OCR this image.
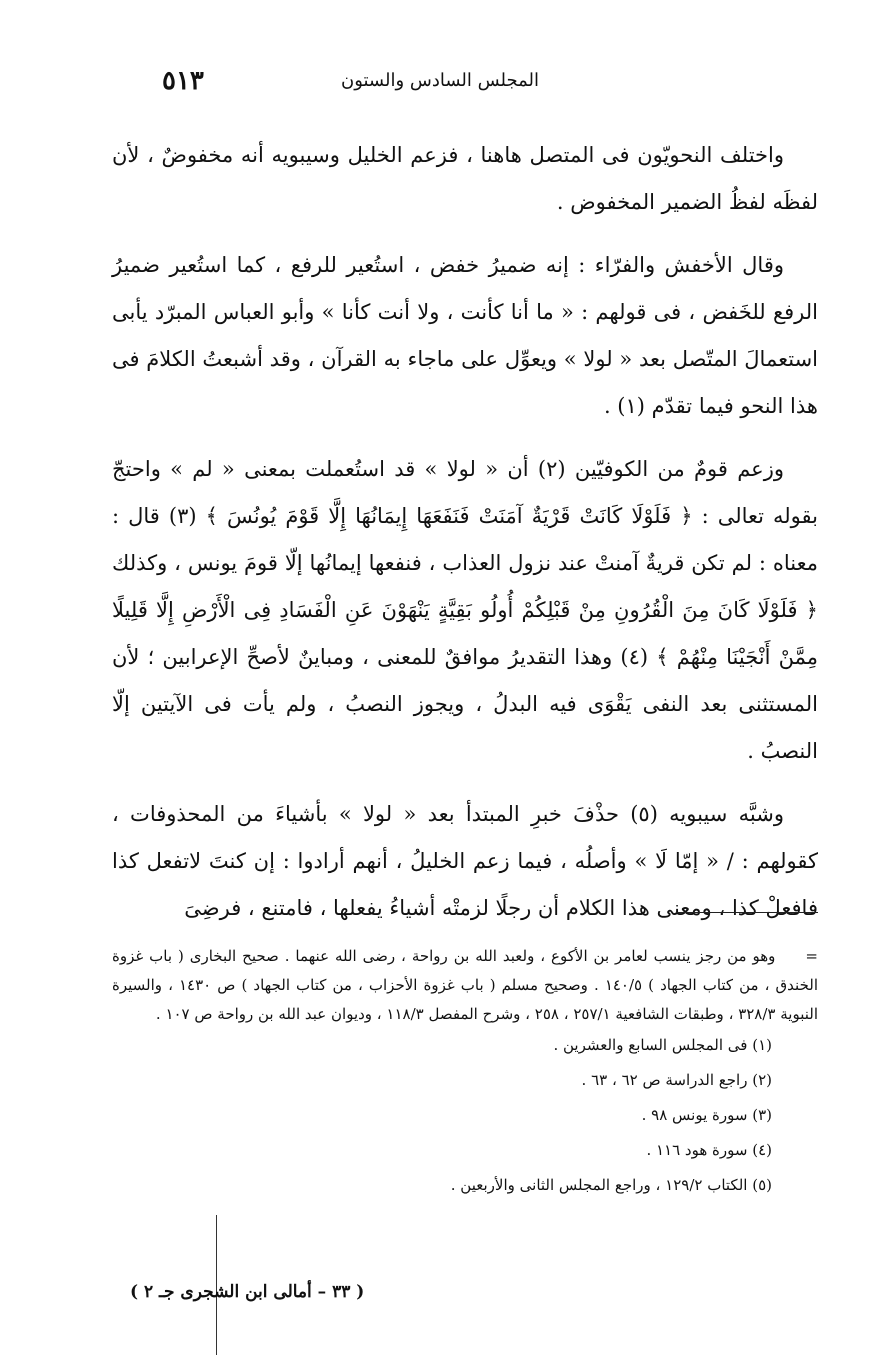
٥١٣	المجلس السادس والستون

واختلف النحويّون فى المتصل هاهنا ، فزعم الخليل وسيبويه أنه مخفوضٌ ، لأن لفظَه لفظُ الضمير المخفوض .

وقال الأخفش والفرّاء : إنه ضميرُ خفض ، استُعير للرفع ، كما استُعير ضميرُ الرفع للخَفض ، فى قولهم : « ما أنا كأنت ، ولا أنت كأنا » وأبو العباس المبرّد يأبى استعمالَ المتّصل بعد « لولا » ويعوِّل على ماجاء به القرآن ، وقد أشبعتُ الكلامَ فى هذا النحو فيما تقدّم (١) .

وزعم قومٌ من الكوفيّين (٢) أن « لولا » قد استُعملت بمعنى « لم » واحتجّ بقوله تعالى : ﴿ فَلَوْلَا كَانَتْ قَرْيَةٌ آمَنَتْ فَنَفَعَهَا إِيمَانُهَا إِلَّا قَوْمَ يُونُسَ ﴾ (٣) قال : معناه : لم تكن قريةٌ آمنتْ عند نزول العذاب ، فنفعها إيمانُها إلّا قومَ يونس ، وكذلك ﴿ فَلَوْلَا كَانَ مِنَ الْقُرُونِ مِنْ قَبْلِكُمْ أُولُو بَقِيَّةٍ يَنْهَوْنَ عَنِ الْفَسَادِ فِى الْأَرْضِ إِلَّا قَلِيلًا مِمَّنْ أَنْجَيْنَا مِنْهُمْ ﴾ (٤) وهذا التقديرُ موافقٌ للمعنى ، ومباينٌ لأصحِّ الإعرابين ؛ لأن المستثنى بعد النفى يَقْوَى فيه البدلُ ، ويجوز النصبُ ، ولم يأت فى الآيتين إلّا النصبُ .

وشبَّه سيبويه (٥) حذْفَ خبرِ المبتدأ بعد « لولا » بأشياءَ من المحذوفات ، كقولهم : / « إمّا لَا » وأصلُه ، فيما زعم الخليلُ ، أنهم أرادوا : إن كنتَ لاتفعل كذا فافعلْ كذا ، ومعنى هذا الكلام أن رجلًا لزمتْه أشياءُ يفعلها ، فامتنع ، فرضِىَ

=وهو من رجز ينسب لعامر بن الأكوع ، ولعبد الله بن رواحة ، رضى الله عنهما . صحيح البخارى ( باب غزوة الخندق ، من كتاب الجهاد ) ١٤٠/٥ . وصحيح مسلم ( باب غزوة الأحزاب ، من كتاب الجهاد ) ص ١٤٣٠ ، والسيرة النبوية ٣٢٨/٣ ، وطبقات الشافعية ٢٥٧/١ ، ٢٥٨ ، وشرح المفصل ١١٨/٣ ، وديوان عبد الله بن رواحة ص ١٠٧ .

(١) فى المجلس السابع والعشرين .
(٢) راجع الدراسة ص ٦٢ ، ٦٣ .
(٣) سورة يونس ٩٨ .
(٤) سورة هود ١١٦ .
(٥) الكتاب ١٢٩/٢ ، وراجع المجلس الثانى والأربعين .
( ٣٣ – أمالى ابن الشجرى جـ ٢ )
